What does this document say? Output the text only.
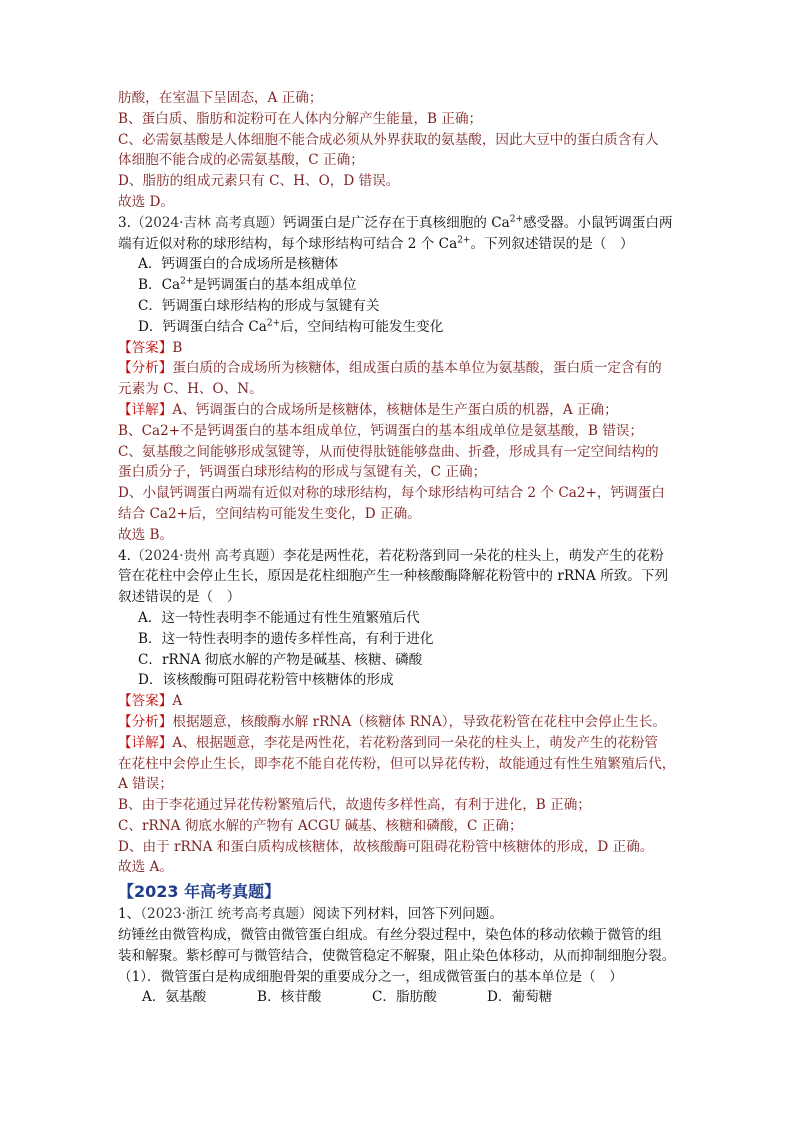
肪酸，在室温下呈固态，A 正确；
B、蛋白质、脂肪和淀粉可在人体内分解产生能量，B 正确；
C、必需氨基酸是人体细胞不能合成必须从外界获取的氨基酸，因此大豆中的蛋白质含有人
体细胞不能合成的必需氨基酸，C 正确；
D、脂肪的组成元素只有 C、H、O，D 错误。
故选 D。
3.（2024·吉林 高考真题）钙调蛋白是广泛存在于真核细胞的 $Ca^{2+}$感受器。小鼠钙调蛋白两
端有近似对称的球形结构，每个球形结构可结合 2 个 $Ca^{2+}$。下列叙述错误的是（　）
A．钙调蛋白的合成场所是核糖体
B．$Ca^{2+}$是钙调蛋白的基本组成单位
C．钙调蛋白球形结构的形成与氢键有关
D．钙调蛋白结合 $Ca^{2+}$后，空间结构可能发生变化
【答案】B
【分析】蛋白质的合成场所为核糖体，组成蛋白质的基本单位为氨基酸，蛋白质一定含有的
元素为 C、H、O、N。
【详解】A、钙调蛋白的合成场所是核糖体，核糖体是生产蛋白质的机器，A 正确；
B、Ca2+不是钙调蛋白的基本组成单位，钙调蛋白的基本组成单位是氨基酸，B 错误；
C、氨基酸之间能够形成氢键等，从而使得肽链能够盘曲、折叠，形成具有一定空间结构的
蛋白质分子，钙调蛋白球形结构的形成与氢键有关，C 正确；
D、小鼠钙调蛋白两端有近似对称的球形结构，每个球形结构可结合 2 个 Ca2+，钙调蛋白
结合 Ca2+后，空间结构可能发生变化，D 正确。
故选 B。
4.（2024·贵州 高考真题）李花是两性花，若花粉落到同一朵花的柱头上，萌发产生的花粉
管在花柱中会停止生长，原因是花柱细胞产生一种核酸酶降解花粉管中的 rRNA 所致。下列
叙述错误的是（　）
A．这一特性表明李不能通过有性生殖繁殖后代
B．这一特性表明李的遗传多样性高，有利于进化
C．rRNA 彻底水解的产物是碱基、核糖、磷酸
D．该核酸酶可阻碍花粉管中核糖体的形成
【答案】A
【分析】根据题意，核酸酶水解 rRNA（核糖体 RNA），导致花粉管在花柱中会停止生长。
【详解】A、根据题意，李花是两性花，若花粉落到同一朵花的柱头上，萌发产生的花粉管
在花柱中会停止生长，即李花不能自花传粉，但可以异花传粉，故能通过有性生殖繁殖后代，
A 错误；
B、由于李花通过异花传粉繁殖后代，故遗传多样性高，有利于进化，B 正确；
C、rRNA 彻底水解的产物有 ACGU 碱基、核糖和磷酸，C 正确；
D、由于 rRNA 和蛋白质构成核糖体，故核酸酶可阻碍花粉管中核糖体的形成，D 正确。
故选 A。
【2023 年高考真题】
1、（2023·浙江 统考高考真题）阅读下列材料，回答下列问题。
纺锤丝由微管构成，微管由微管蛋白组成。有丝分裂过程中，染色体的移动依赖于微管的组
装和解聚。紫杉醇可与微管结合，使微管稳定不解聚，阻止染色体移动，从而抑制细胞分裂。
（1）．微管蛋白是构成细胞骨架的重要成分之一，组成微管蛋白的基本单位是（　）
A．氨基酸	B．核苷酸	C．脂肪酸	D．葡萄糖
